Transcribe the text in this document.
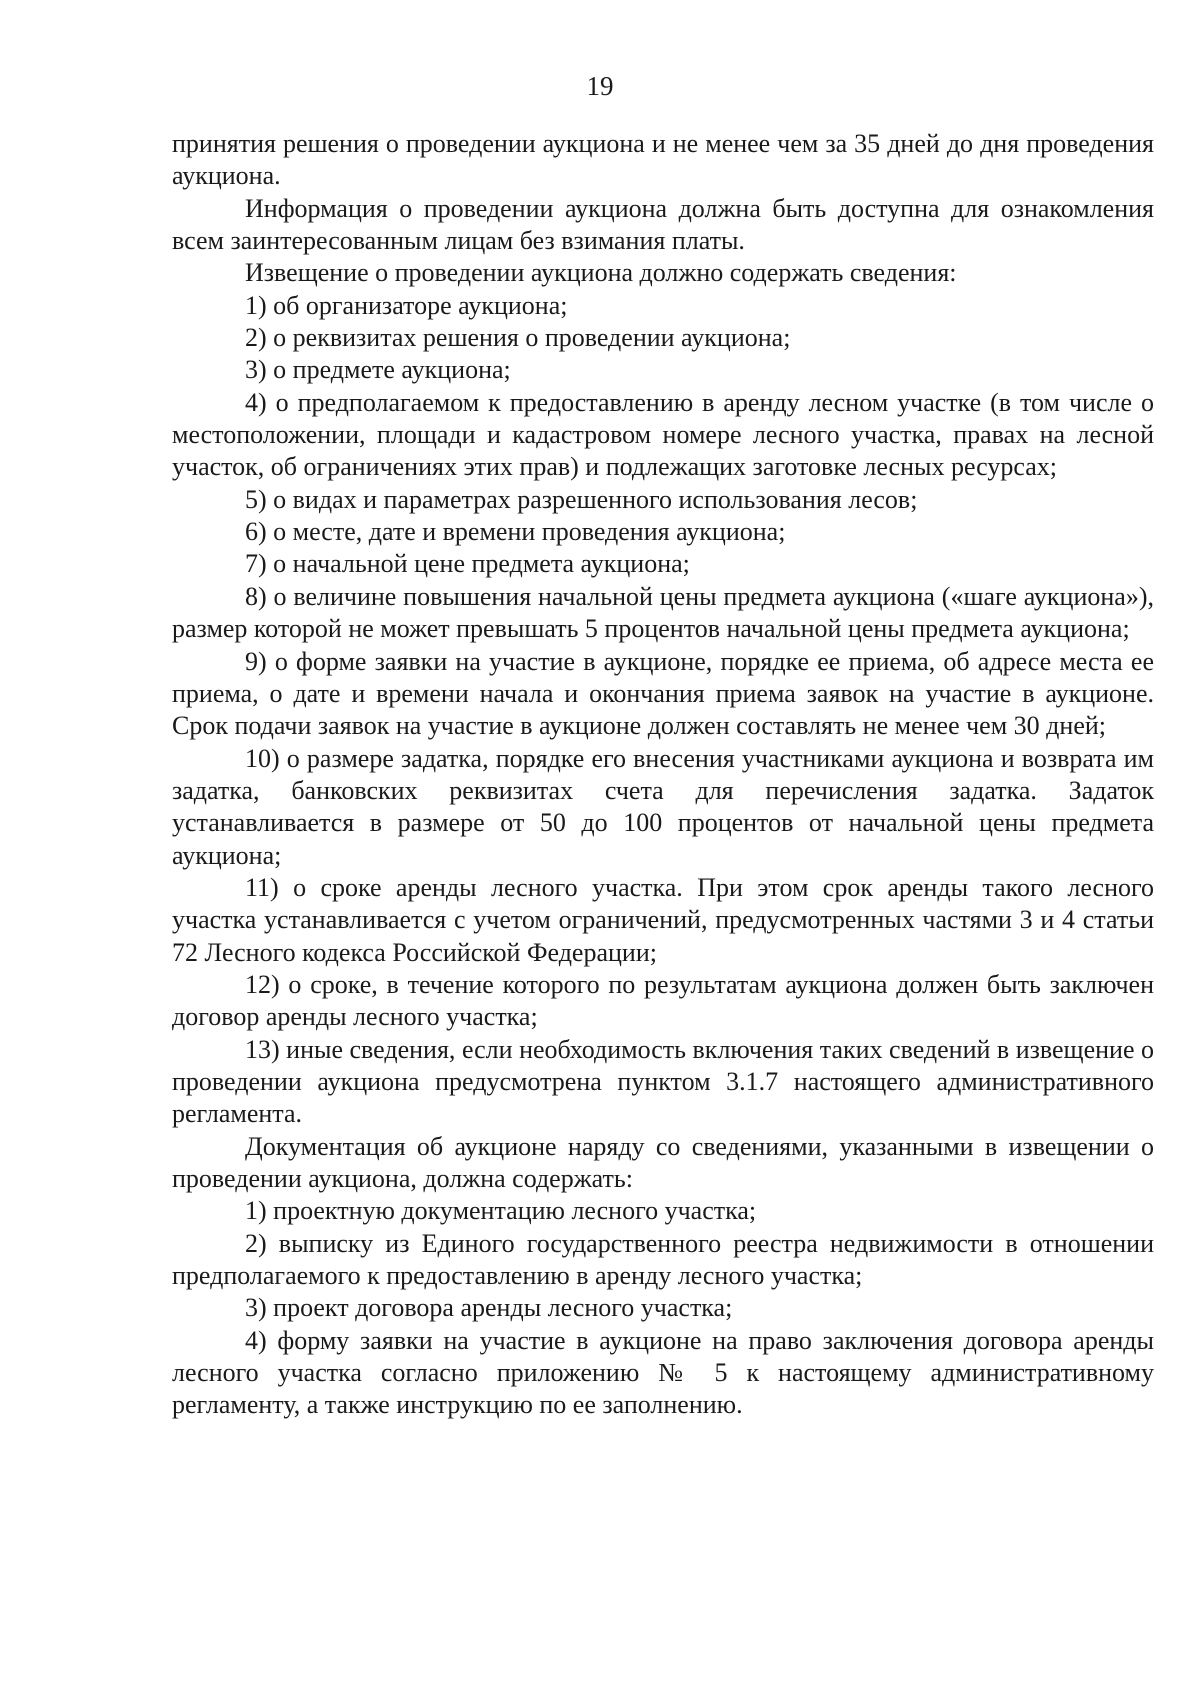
19

принятия решения о проведении аукциона и не менее чем за 35 дней до дня проведения аукциона.

Информация о проведении аукциона должна быть доступна для ознакомления всем заинтересованным лицам без взимания платы.

Извещение о проведении аукциона должно содержать сведения:

1) об организаторе аукциона;

2) о реквизитах решения о проведении аукциона;

3) о предмете аукциона;

4) о предполагаемом к предоставлению в аренду лесном участке (в том числе о местоположении, площади и кадастровом номере лесного участка, правах на лесной участок, об ограничениях этих прав) и подлежащих заготовке лесных ресурсах;

5) о видах и параметрах разрешенного использования лесов;

6) о месте, дате и времени проведения аукциона;

7) о начальной цене предмета аукциона;

8) о величине повышения начальной цены предмета аукциона («шаге аукциона»), размер которой не может превышать 5 процентов начальной цены предмета аукциона;

9) о форме заявки на участие в аукционе, порядке ее приема, об адресе места ее приема, о дате и времени начала и окончания приема заявок на участие в аукционе. Срок подачи заявок на участие в аукционе должен составлять не менее чем 30 дней;

10) о размере задатка, порядке его внесения участниками аукциона и возврата им задатка, банковских реквизитах счета для перечисления задатка. Задаток устанавливается в размере от 50 до 100 процентов от начальной цены предмета аукциона;

11) о сроке аренды лесного участка. При этом срок аренды такого лесного участка устанавливается с учетом ограничений, предусмотренных частями 3 и 4 статьи 72 Лесного кодекса Российской Федерации;

12) о сроке, в течение которого по результатам аукциона должен быть заключен договор аренды лесного участка;

13) иные сведения, если необходимость включения таких сведений в извещение о проведении аукциона предусмотрена пунктом 3.1.7 настоящего административного регламента.

Документация об аукционе наряду со сведениями, указанными в извещении о проведении аукциона, должна содержать:

1) проектную документацию лесного участка;

2) выписку из Единого государственного реестра недвижимости в отношении предполагаемого к предоставлению в аренду лесного участка;

3) проект договора аренды лесного участка;

4) форму заявки на участие в аукционе на право заключения договора аренды лесного участка согласно приложению № 5 к настоящему административному регламенту, а также инструкцию по ее заполнению.
